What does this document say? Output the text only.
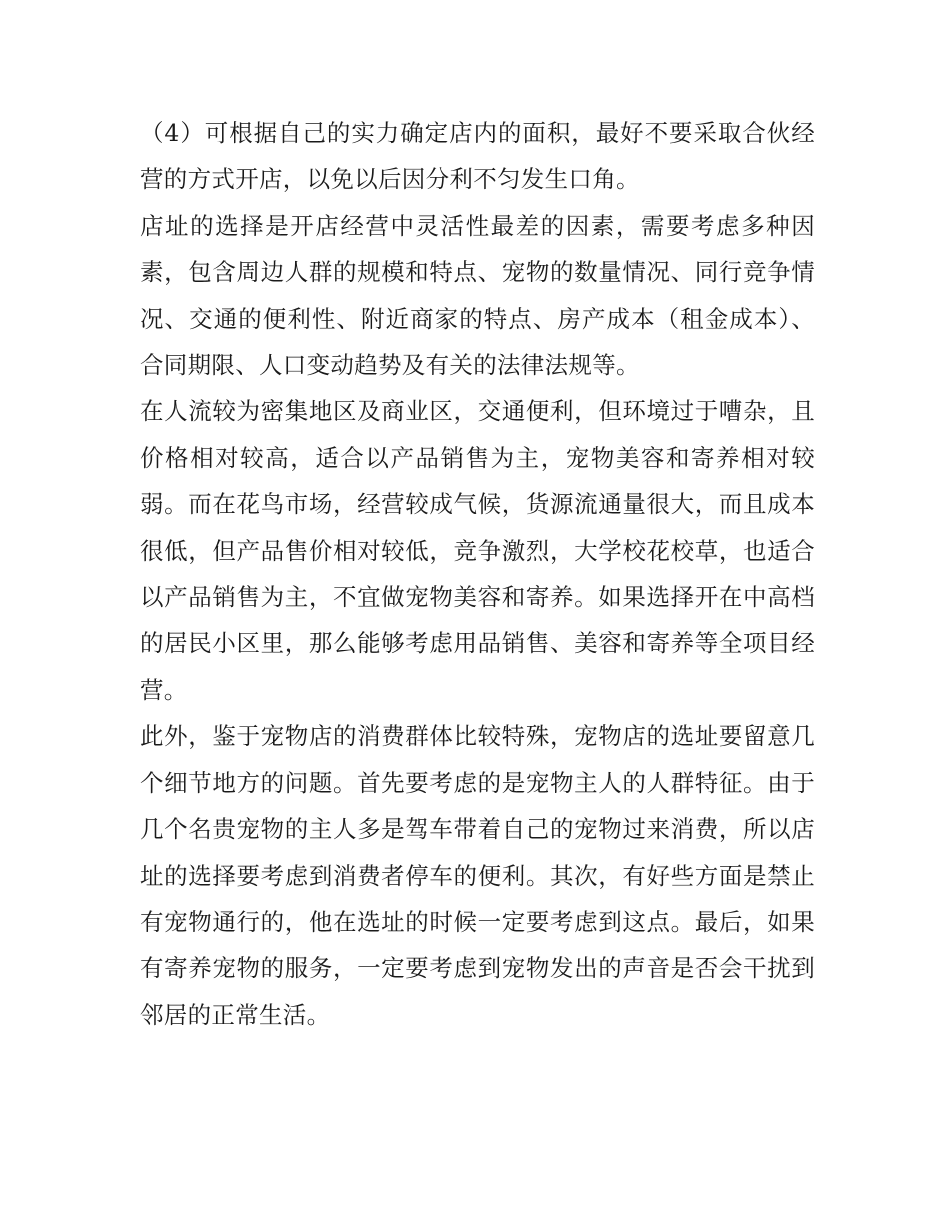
（4）可根据自己的实力确定店内的面积，最好不要采取合伙经营的方式开店，以免以后因分利不匀发生口角。

店址的选择是开店经营中灵活性最差的因素，需要考虑多种因素，包含周边人群的规模和特点、宠物的数量情况、同行竞争情况、交通的便利性、附近商家的特点、房产成本（租金成本）、合同期限、人口变动趋势及有关的法律法规等。

在人流较为密集地区及商业区，交通便利，但环境过于嘈杂，且价格相对较高，适合以产品销售为主，宠物美容和寄养相对较弱。而在花鸟市场，经营较成气候，货源流通量很大，而且成本很低，但产品售价相对较低，竞争激烈，大学校花校草，也适合以产品销售为主，不宜做宠物美容和寄养。如果选择开在中高档的居民小区里，那么能够考虑用品销售、美容和寄养等全项目经营。

此外，鉴于宠物店的消费群体比较特殊，宠物店的选址要留意几个细节地方的问题。首先要考虑的是宠物主人的人群特征。由于几个名贵宠物的主人多是驾车带着自己的宠物过来消费，所以店址的选择要考虑到消费者停车的便利。其次，有好些方面是禁止有宠物通行的，他在选址的时候一定要考虑到这点。最后，如果有寄养宠物的服务，一定要考虑到宠物发出的声音是否会干扰到邻居的正常生活。
